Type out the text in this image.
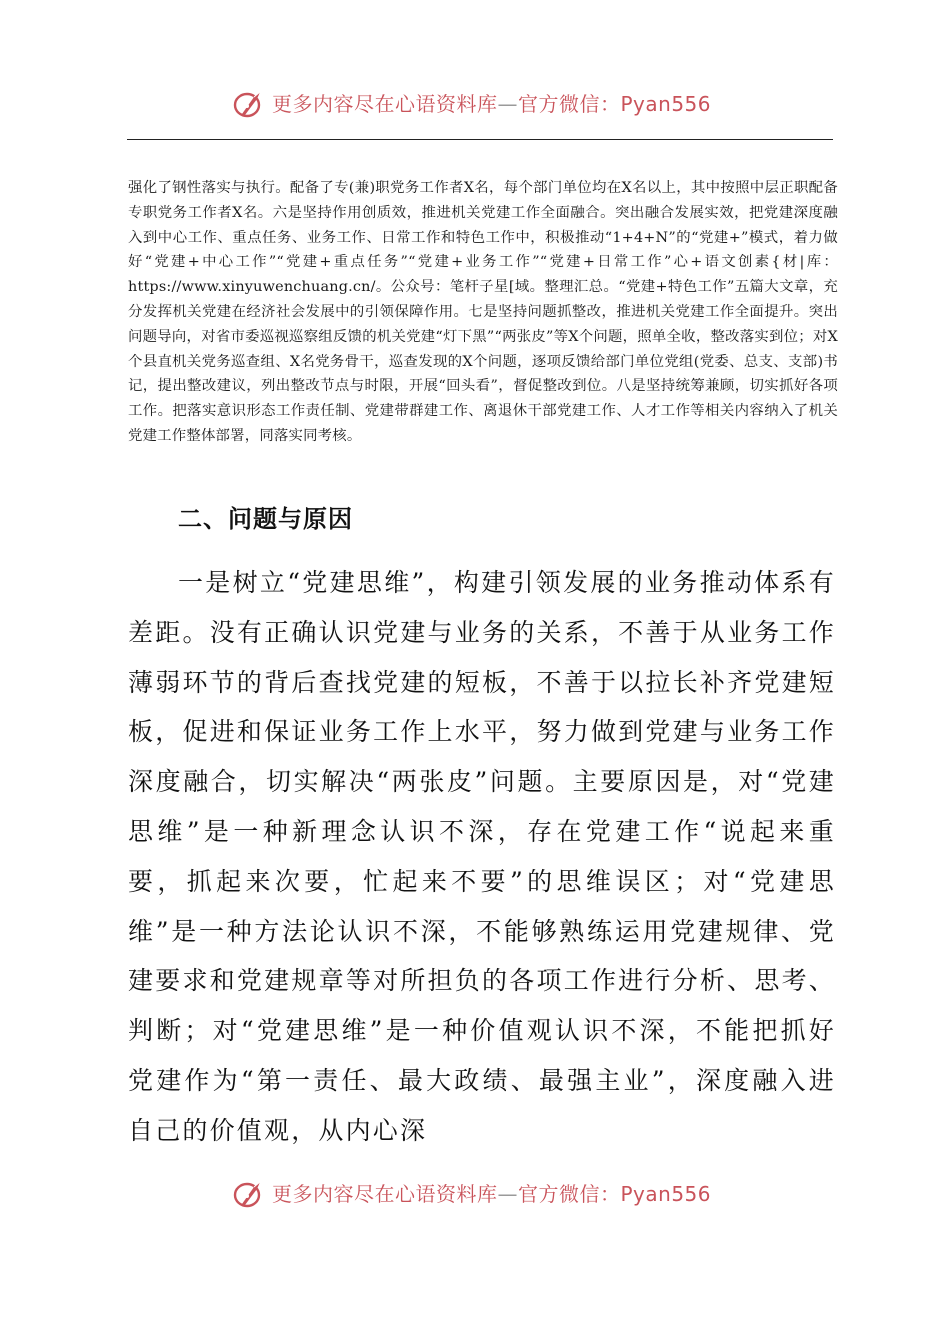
更多内容尽在心语资料库—官方微信：Pyan556

强化了钢性落实与执行。配备了专(兼)职党务工作者X名，每个部门单位均在X名以上，其中按照中层正职配备专职党务工作者X名。六是坚持作用创质效，推进机关党建工作全面融合。突出融合发展实效，把党建深度融入到中心工作、重点任务、业务工作、日常工作和特色工作中，积极推动“1+4+N”的“党建+”模式，着力做好“党建+中心工作”“党建+重点任务”“党建+业务工作”“党建+日常工作”心+语文创素{材|库：https://www.xinyuwenchuang.cn/。公众号：笔杆子星[域。整理汇总。“党建+特色工作”五篇大文章，充分发挥机关党建在经济社会发展中的引领保障作用。七是坚持问题抓整改，推进机关党建工作全面提升。突出问题导向，对省市委巡视巡察组反馈的机关党建“灯下黑”“两张皮”等X个问题，照单全收，整改落实到位；对X个县直机关党务巡查组、X名党务骨干，巡查发现的X个问题，逐项反馈给部门单位党组(党委、总支、支部)书记，提出整改建议，列出整改节点与时限，开展“回头看”，督促整改到位。八是坚持统筹兼顾，切实抓好各项工作。把落实意识形态工作责任制、党建带群建工作、离退休干部党建工作、人才工作等相关内容纳入了机关党建工作整体部署，同落实同考核。

二、问题与原因

一是树立“党建思维”，构建引领发展的业务推动体系有差距。没有正确认识党建与业务的关系，不善于从业务工作薄弱环节的背后查找党建的短板，不善于以拉长补齐党建短板，促进和保证业务工作上水平，努力做到党建与业务工作深度融合，切实解决“两张皮”问题。主要原因是，对“党建思维”是一种新理念认识不深，存在党建工作“说起来重要，抓起来次要，忙起来不要”的思维误区；对“党建思维”是一种方法论认识不深，不能够熟练运用党建规律、党建要求和党建规章等对所担负的各项工作进行分析、思考、判断；对“党建思维”是一种价值观认识不深，不能把抓好党建作为“第一责任、最大政绩、最强主业”，深度融入进自己的价值观，从内心深

更多内容尽在心语资料库—官方微信：Pyan556
